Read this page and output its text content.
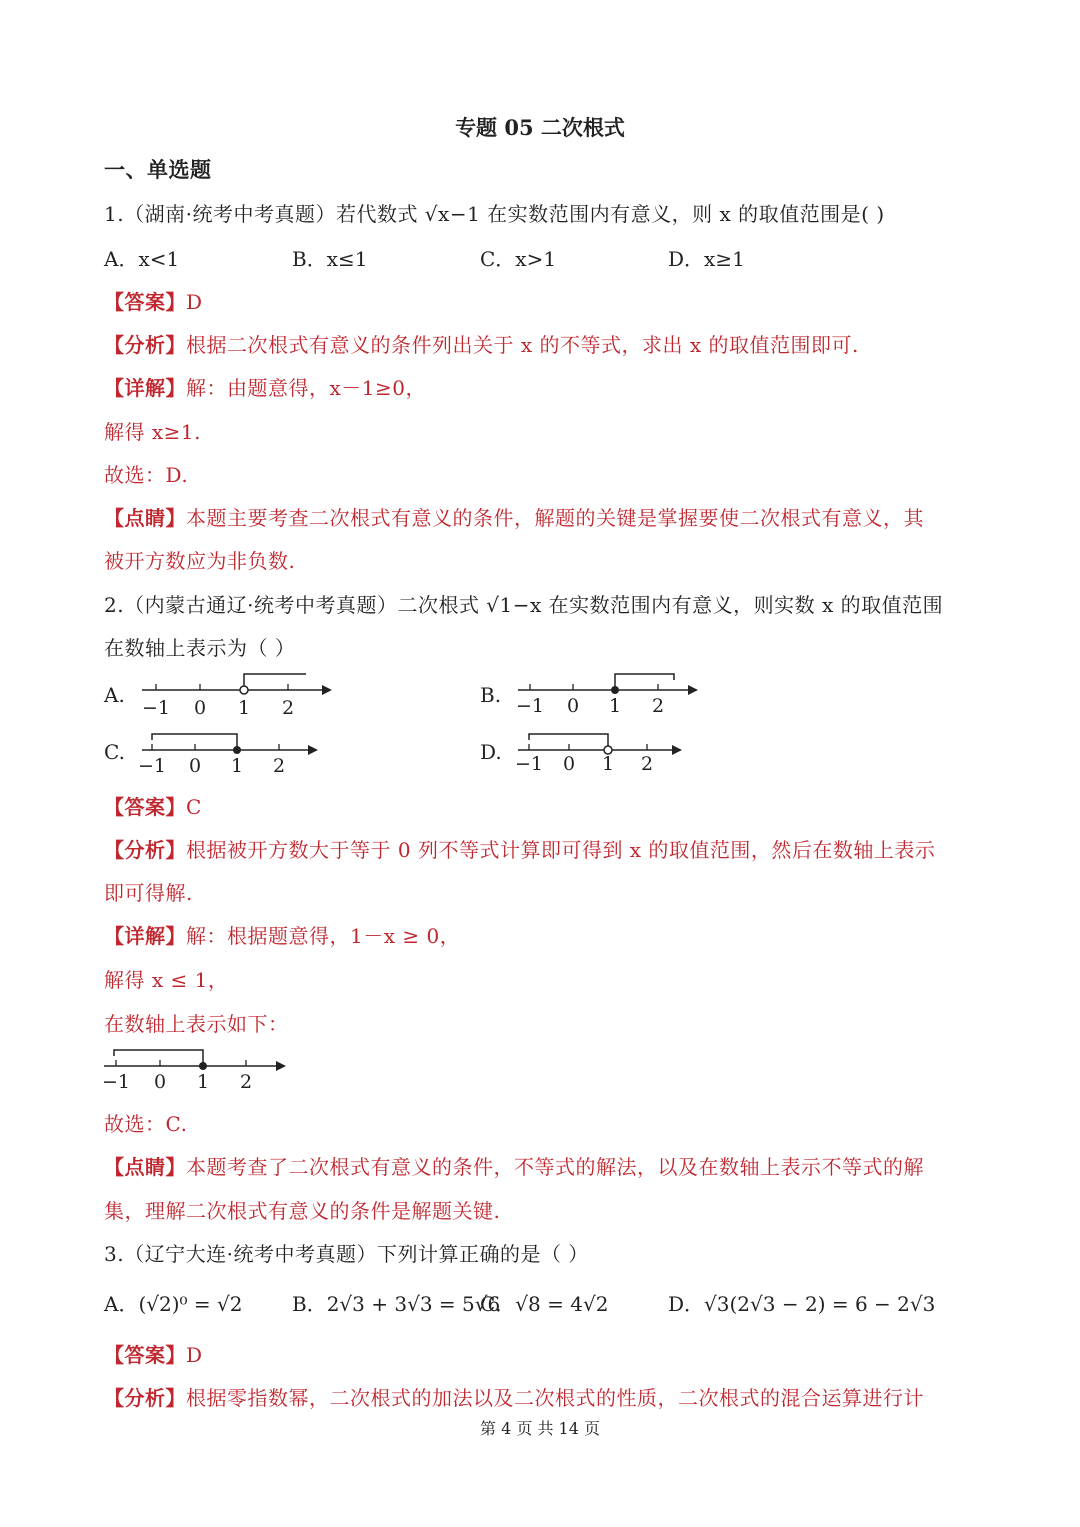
专题 05 二次根式
一、单选题
1.（湖南·统考中考真题）若代数式 √x−1 在实数范围内有意义，则 x 的取值范围是( )
A．x<1	B．x≤1	C．x>1	D．x≥1
【答案】D
【分析】根据二次根式有意义的条件列出关于 x 的不等式，求出 x 的取值范围即可.
【详解】解：由题意得，x－1≥0，
解得 x≥1.
故选：D.
【点睛】本题主要考查二次根式有意义的条件，解题的关键是掌握要使二次根式有意义，其
被开方数应为非负数.
2.（内蒙古通辽·统考中考真题）二次根式 √1−x 在实数范围内有意义，则实数 x 的取值范围
在数轴上表示为（ ）
A.
−1 0 1 2
B. −1 0 1 2
C.
−1 0 1 2
D. −1 0 1 2
【答案】C
【分析】根据被开方数大于等于 0 列不等式计算即可得到 x 的取值范围，然后在数轴上表示
即可得解.
【详解】解：根据题意得，1－x ≥ 0，
解得 x ≤ 1，
在数轴上表示如下：
−1 0 1 2
故选：C.
【点睛】本题考查了二次根式有意义的条件，不等式的解法，以及在数轴上表示不等式的解
集，理解二次根式有意义的条件是解题关键.
3.（辽宁大连·统考中考真题）下列计算正确的是（ ）
A．(√2)⁰ = √2 B．2√3 + 3√3 = 5√6
C．√8 = 4√2	D．√3(2√3 − 2) = 6 − 2√3
【答案】D
【分析】根据零指数幂，二次根式的加法以及二次根式的性质，二次根式的混合运算进行计
第 4 页 共 14 页
